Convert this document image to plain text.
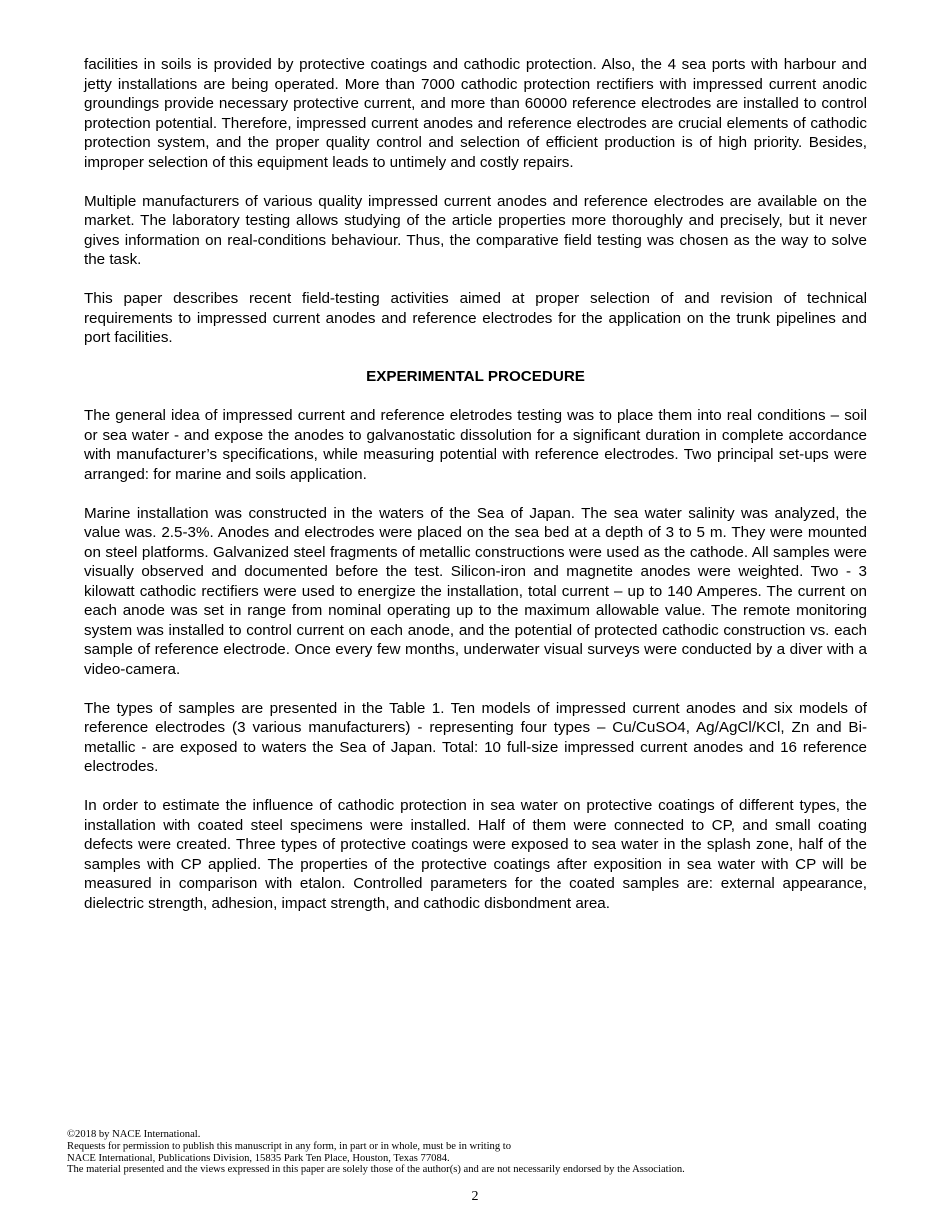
facilities in soils is provided by protective coatings and cathodic protection. Also, the 4 sea ports with harbour and jetty installations are being operated. More than 7000 cathodic protection rectifiers with impressed current anodic groundings provide necessary protective current, and more than 60000 reference electrodes are installed to control protection potential. Therefore, impressed current anodes and reference electrodes are crucial elements of cathodic protection system, and the proper quality control and selection of efficient production is of high priority. Besides, improper selection of this equipment leads to untimely and costly repairs.

Multiple manufacturers of various quality impressed current anodes and reference electrodes are available on the market. The laboratory testing allows studying of the article properties more thoroughly and precisely, but it never gives information on real-conditions behaviour. Thus, the comparative field testing was chosen as the way to solve the task.

This paper describes recent field-testing activities aimed at proper selection of and revision of technical requirements to impressed current anodes and reference electrodes for the application on the trunk pipelines and port facilities.

EXPERIMENTAL PROCEDURE

The general idea of impressed current and reference eletrodes testing was to place them into real conditions – soil or sea water - and expose the anodes to galvanostatic dissolution for a significant duration in complete accordance with manufacturer’s specifications, while measuring potential with reference electrodes. Two principal set-ups were arranged: for marine and soils application.

Marine installation was constructed in the waters of the Sea of Japan. The sea water salinity was analyzed, the value was. 2.5-3%. Anodes and electrodes were placed on the sea bed at a depth of 3 to 5 m. They were mounted on steel platforms. Galvanized steel fragments of metallic constructions were used as the cathode. All samples were visually observed and documented before the test. Silicon-iron and magnetite anodes were weighted. Two - 3 kilowatt cathodic rectifiers were used to energize the installation, total current – up to 140 Amperes. The current on each anode was set in range from nominal operating up to the maximum allowable value. The remote monitoring system was installed to control current on each anode, and the potential of protected cathodic construction vs. each sample of reference electrode. Once every few months, underwater visual surveys were conducted by a diver with a video-camera.

The types of samples are presented in the Table 1. Ten models of impressed current anodes and six models of reference electrodes (3 various manufacturers) - representing four types – Cu/CuSO4, Ag/AgCl/KCl, Zn and Bi-metallic - are exposed to waters the Sea of Japan. Total: 10 full-size impressed current anodes and 16 reference electrodes.

In order to estimate the influence of cathodic protection in sea water on protective coatings of different types, the installation with coated steel specimens were installed. Half of them were connected to CP, and small coating defects were created. Three types of protective coatings were exposed to sea water in the splash zone, half of the samples with CP applied. The properties of the protective coatings after exposition in sea water with CP will be measured in comparison with etalon. Controlled parameters for the coated samples are: external appearance, dielectric strength, adhesion, impact strength, and cathodic disbondment area.

©2018 by NACE International.
Requests for permission to publish this manuscript in any form, in part or in whole, must be in writing to
NACE International, Publications Division, 15835 Park Ten Place, Houston, Texas 77084.
The material presented and the views expressed in this paper are solely those of the author(s) and are not necessarily endorsed by the Association.
2
